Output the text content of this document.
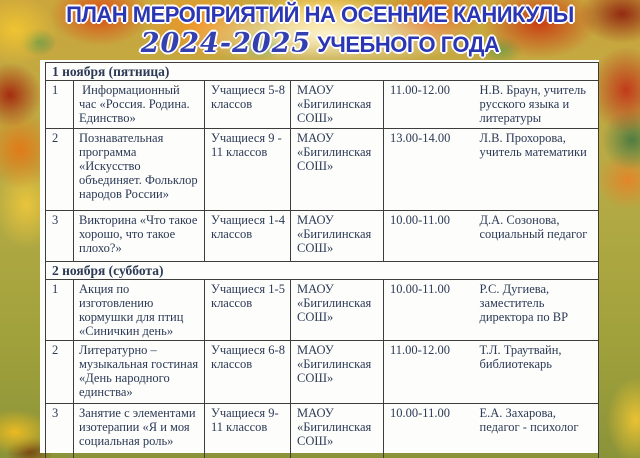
ПЛАН МЕРОПРИЯТИЙ НА ОСЕННИЕ КАНИКУЛЫ
2024-2025 УЧЕБНОГО ГОДА
1 ноября (пятница)					
1	Информационный час «Россия. Родина. Единство»	Учащиеся 5-8 классов	МАОУ «Бигилинская СОШ»	11.00-12.00	Н.В. Браун, учитель русского языка и литературы
2	Познавательная программа «Искусство объединяет. Фольклор народов России»	Учащиеся 9 - 11 классов	МАОУ «Бигилинская СОШ»	13.00-14.00	Л.В. Прохорова, учитель математики
3	Викторина «Что такое хорошо, что такое плохо?»	Учащиеся 1-4 классов	МАОУ «Бигилинская СОШ»	10.00-11.00	Д.А. Созонова, социальный педагог
2 ноября (суббота)					
1	Акция по изготовлению кормушки для птиц «Синичкин день»	Учащиеся 1-5 классов	МАОУ «Бигилинская СОШ»	10.00-11.00	Р.С. Дугиева, заместитель директора по ВР
2	Литературно – музыкальная гостиная «День народного единства»	Учащиеся 6-8 классов	МАОУ «Бигилинская СОШ»	11.00-12.00	Т.Л. Траутвайн, библиотекарь
3	Занятие с элементами изотерапии «Я и моя социальная роль»	Учащиеся 9- 11 классов	МАОУ «Бигилинская СОШ»	10.00-11.00	Е.А. Захарова, педагог - психолог
